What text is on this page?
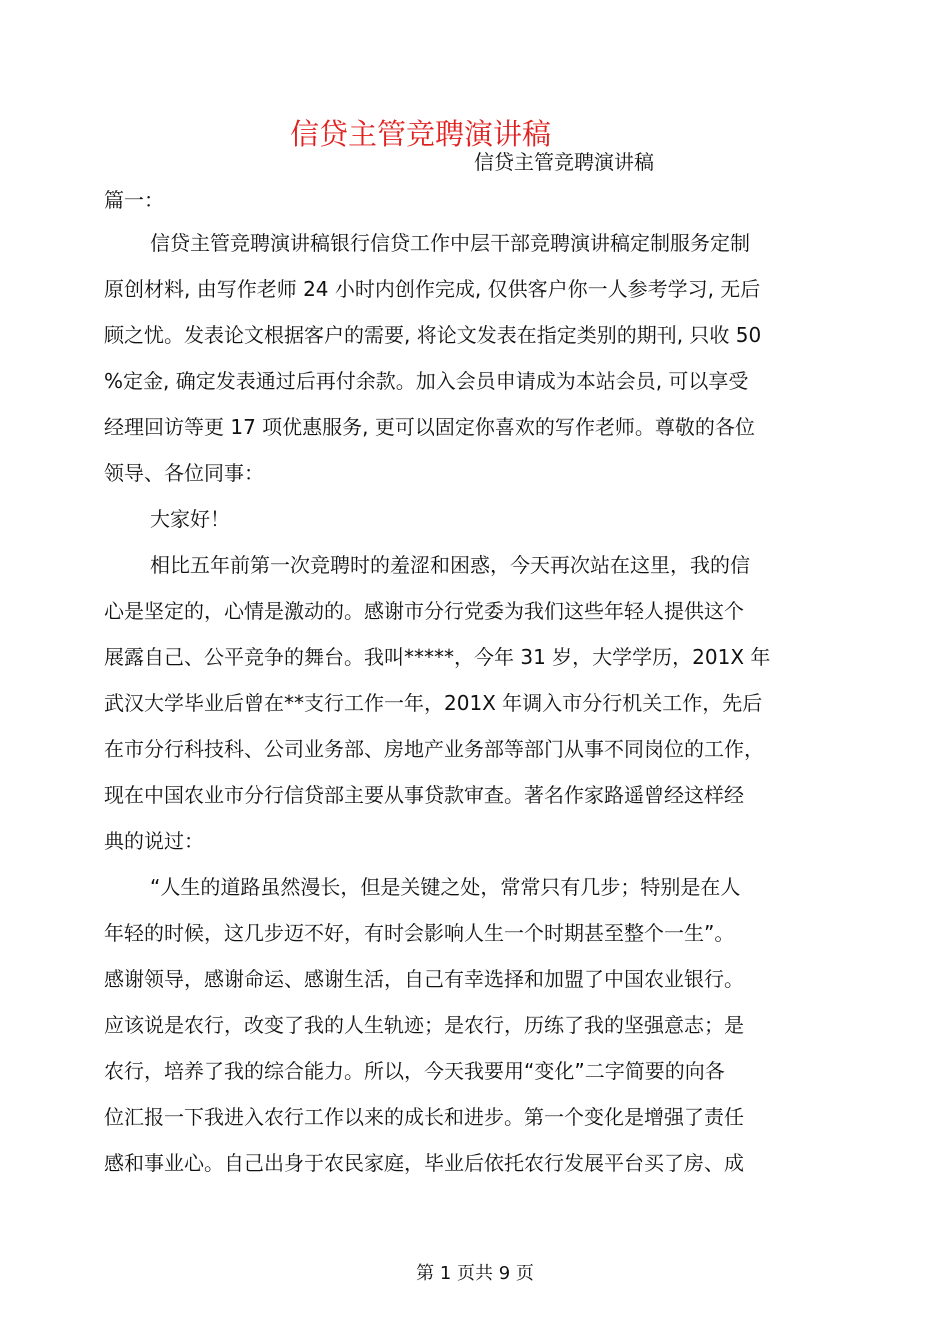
信贷主管竞聘演讲稿
信贷主管竞聘演讲稿
篇一：
信贷主管竞聘演讲稿银行信贷工作中层干部竞聘演讲稿定制服务定制
原创材料, 由写作老师 24 小时内创作完成, 仅供客户你一人参考学习, 无后
顾之忧。发表论文根据客户的需要, 将论文发表在指定类别的期刊, 只收 50
%定金, 确定发表通过后再付余款。加入会员申请成为本站会员, 可以享受
经理回访等更 17 项优惠服务, 更可以固定你喜欢的写作老师。尊敬的各位
领导、各位同事：
大家好！
相比五年前第一次竞聘时的羞涩和困惑，今天再次站在这里，我的信
心是坚定的，心情是激动的。感谢市分行党委为我们这些年轻人提供这个
展露自己、公平竞争的舞台。我叫*****，今年 31 岁，大学学历，201X 年
武汉大学毕业后曾在**支行工作一年，201X 年调入市分行机关工作，先后
在市分行科技科、公司业务部、房地产业务部等部门从事不同岗位的工作，
现在中国农业市分行信贷部主要从事贷款审查。著名作家路遥曾经这样经
典的说过：
“人生的道路虽然漫长，但是关键之处，常常只有几步；特别是在人
年轻的时候，这几步迈不好，有时会影响人生一个时期甚至整个一生”。
感谢领导，感谢命运、感谢生活，自己有幸选择和加盟了中国农业银行。
应该说是农行，改变了我的人生轨迹；是农行，历练了我的坚强意志；是
农行，培养了我的综合能力。所以，今天我要用“变化”二字简要的向各
位汇报一下我进入农行工作以来的成长和进步。第一个变化是增强了责任
感和事业心。自己出身于农民家庭，毕业后依托农行发展平台买了房、成
第 1 页共 9 页
